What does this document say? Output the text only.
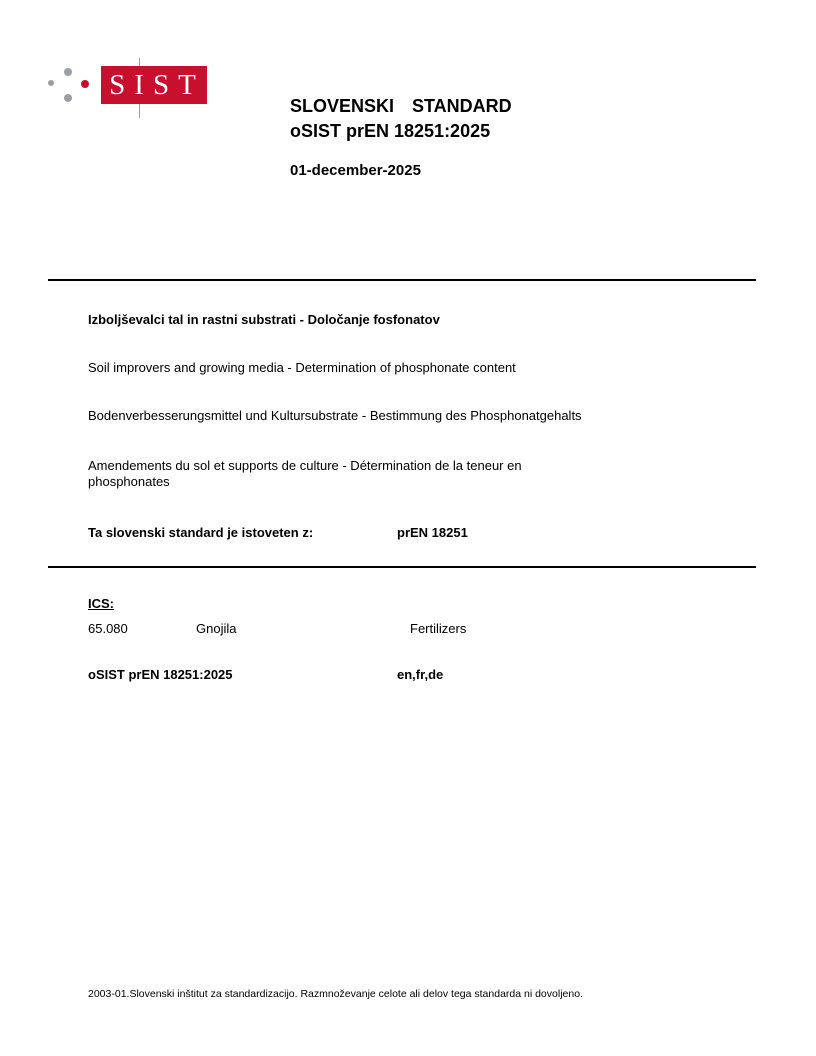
SIST
SLOVENSKI  STANDARD
oSIST prEN 18251:2025
01-december-2025
Izboljševalci tal in rastni substrati - Določanje fosfonatov
Soil improvers and growing media - Determination of phosphonate content
Bodenverbesserungsmittel und Kultursubstrate - Bestimmung des Phosphonatgehalts
Amendements du sol et supports de culture - Détermination de la teneur en
phosphonates
Ta slovenski standard je istoveten z:	prEN 18251
ICS:
65.080	Gnojila	Fertilizers
oSIST prEN 18251:2025	en,fr,de
2003-01.Slovenski inštitut za standardizacijo. Razmnoževanje celote ali delov tega standarda ni dovoljeno.
